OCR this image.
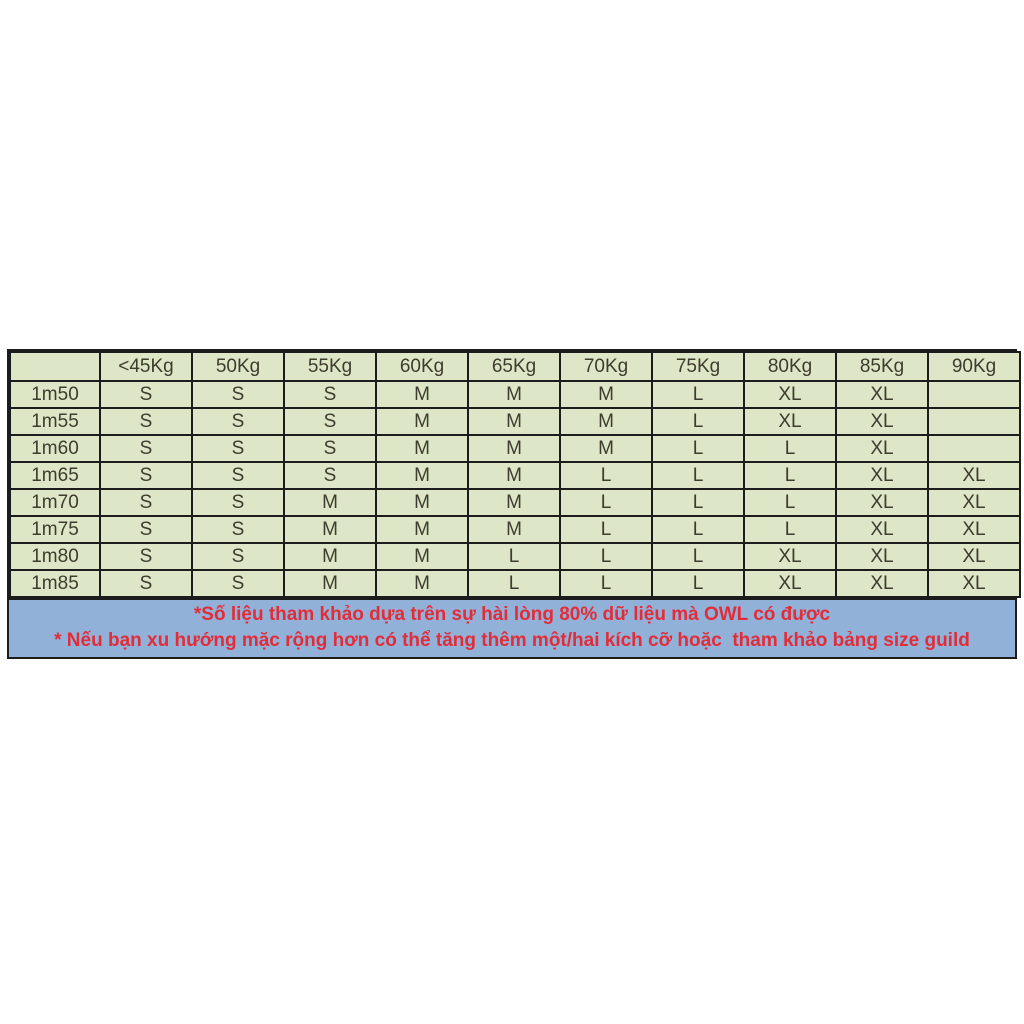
	<45Kg	50Kg	55Kg	60Kg	65Kg	70Kg	75Kg	80Kg	85Kg	90Kg
1m50	S	S	S	M	M	M	L	XL	XL	
1m55	S	S	S	M	M	M	L	XL	XL	
1m60	S	S	S	M	M	M	L	L	XL	
1m65	S	S	S	M	M	L	L	L	XL	XL
1m70	S	S	M	M	M	L	L	L	XL	XL
1m75	S	S	M	M	M	L	L	L	XL	XL
1m80	S	S	M	M	L	L	L	XL	XL	XL
1m85	S	S	M	M	L	L	L	XL	XL	XL
*Số liệu tham khảo dựa trên sự hài lòng 80% dữ liệu mà OWL có được
* Nếu bạn xu hướng mặc rộng hơn có thể tăng thêm một/hai kích cỡ hoặc  tham khảo bảng size guild
